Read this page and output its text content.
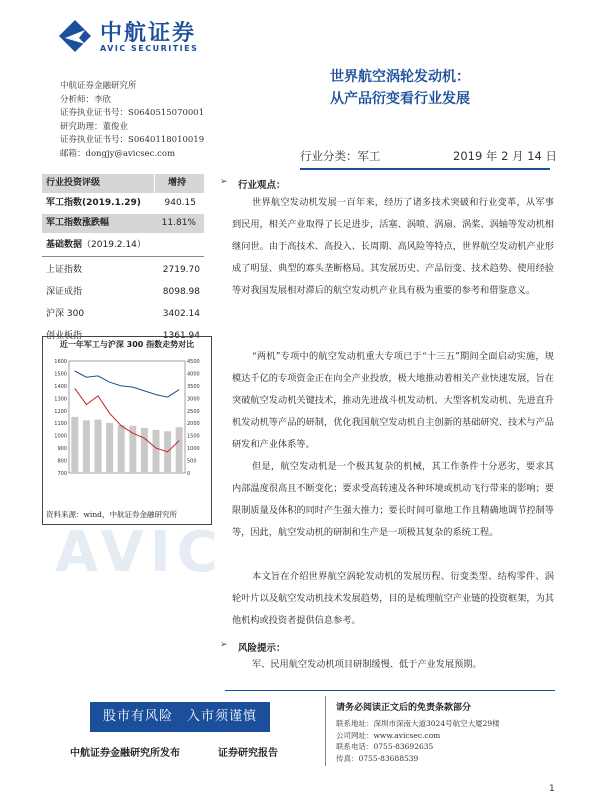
AVIC
中航证券
AVIC SECURITIES
中航证券金融研究所
分析师：李欣
证券执业证书号：S0640515070001
研究助理：董俊业
证券执业证书号：S0640118010019
邮箱：dongjy@avicsec.com
世界航空涡轮发动机：
从产品衍变看行业发展
行业分类：军工	2019 年 2 月 14 日
行业投资评级	增持
军工指数(2019.1.29)	940.15
军工指数涨跌幅	11.81%
基础数据（2019.2.14）
上证指数	2719.70
深证成指	8098.98
沪深 300	3402.14
创业板指	1361.94
近一年军工与沪深 300 指数走势对比
1600
1500
1400
1300
1200
1100
1000
900
800
700
4500
4000
3500
3000
2500
2000
1500
1000
500
0
资料来源：wind，中航证券金融研究所
➢ 行业观点：
世界航空发动机发展一百年来，经历了诸多技术突破和行业变革，从军事到民用，相关产业取得了长足进步，活塞、涡喷、涡扇、涡桨、涡轴等发动机相继问世。由于高技术、高投入、长周期、高风险等特点，世界航空发动机产业形成了明显、典型的寡头垄断格局。其发展历史、产品衍变、技术趋势、使用经验等对我国发展相对滞后的航空发动机产业具有极为重要的参考和借鉴意义。
“两机”专项中的航空发动机重大专项已于“十三五”期间全面启动实施，规模达千亿的专项资金正在向全产业投放，极大地推动着相关产业快速发展，旨在突破航空发动机关键技术，推动先进战斗机发动机、大型客机发动机、先进直升机发动机等产品的研制，优化我国航空发动机自主创新的基础研究、技术与产品研发和产业体系等。
但是，航空发动机是一个极其复杂的机械，其工作条件十分恶劣，要求其内部温度很高且不断变化；要求受高转速及各种环境或机动飞行带来的影响；要限制质量及体积的同时产生强大推力；要长时间可靠地工作且精确地调节控制等等，因此，航空发动机的研制和生产是一项极其复杂的系统工程。
本文旨在介绍世界航空涡轮发动机的发展历程、衍变类型、结构零件、涡轮叶片以及航空发动机技术发展趋势，目的是梳理航空产业链的投资框架，为其他机构或投资者提供信息参考。
➢ 风险提示：
军、民用航空发动机项目研制缓慢、低于产业发展预期。
股市有风险　入市须谨慎
中航证券金融研究所发布	证券研究报告
请务必阅读正文后的免责条款部分
联系地址：深圳市深南大道3024号航空大厦29楼
公司网址：www.avicsec.com
联系电话：0755-83692635
传真：0755-83688539
1
